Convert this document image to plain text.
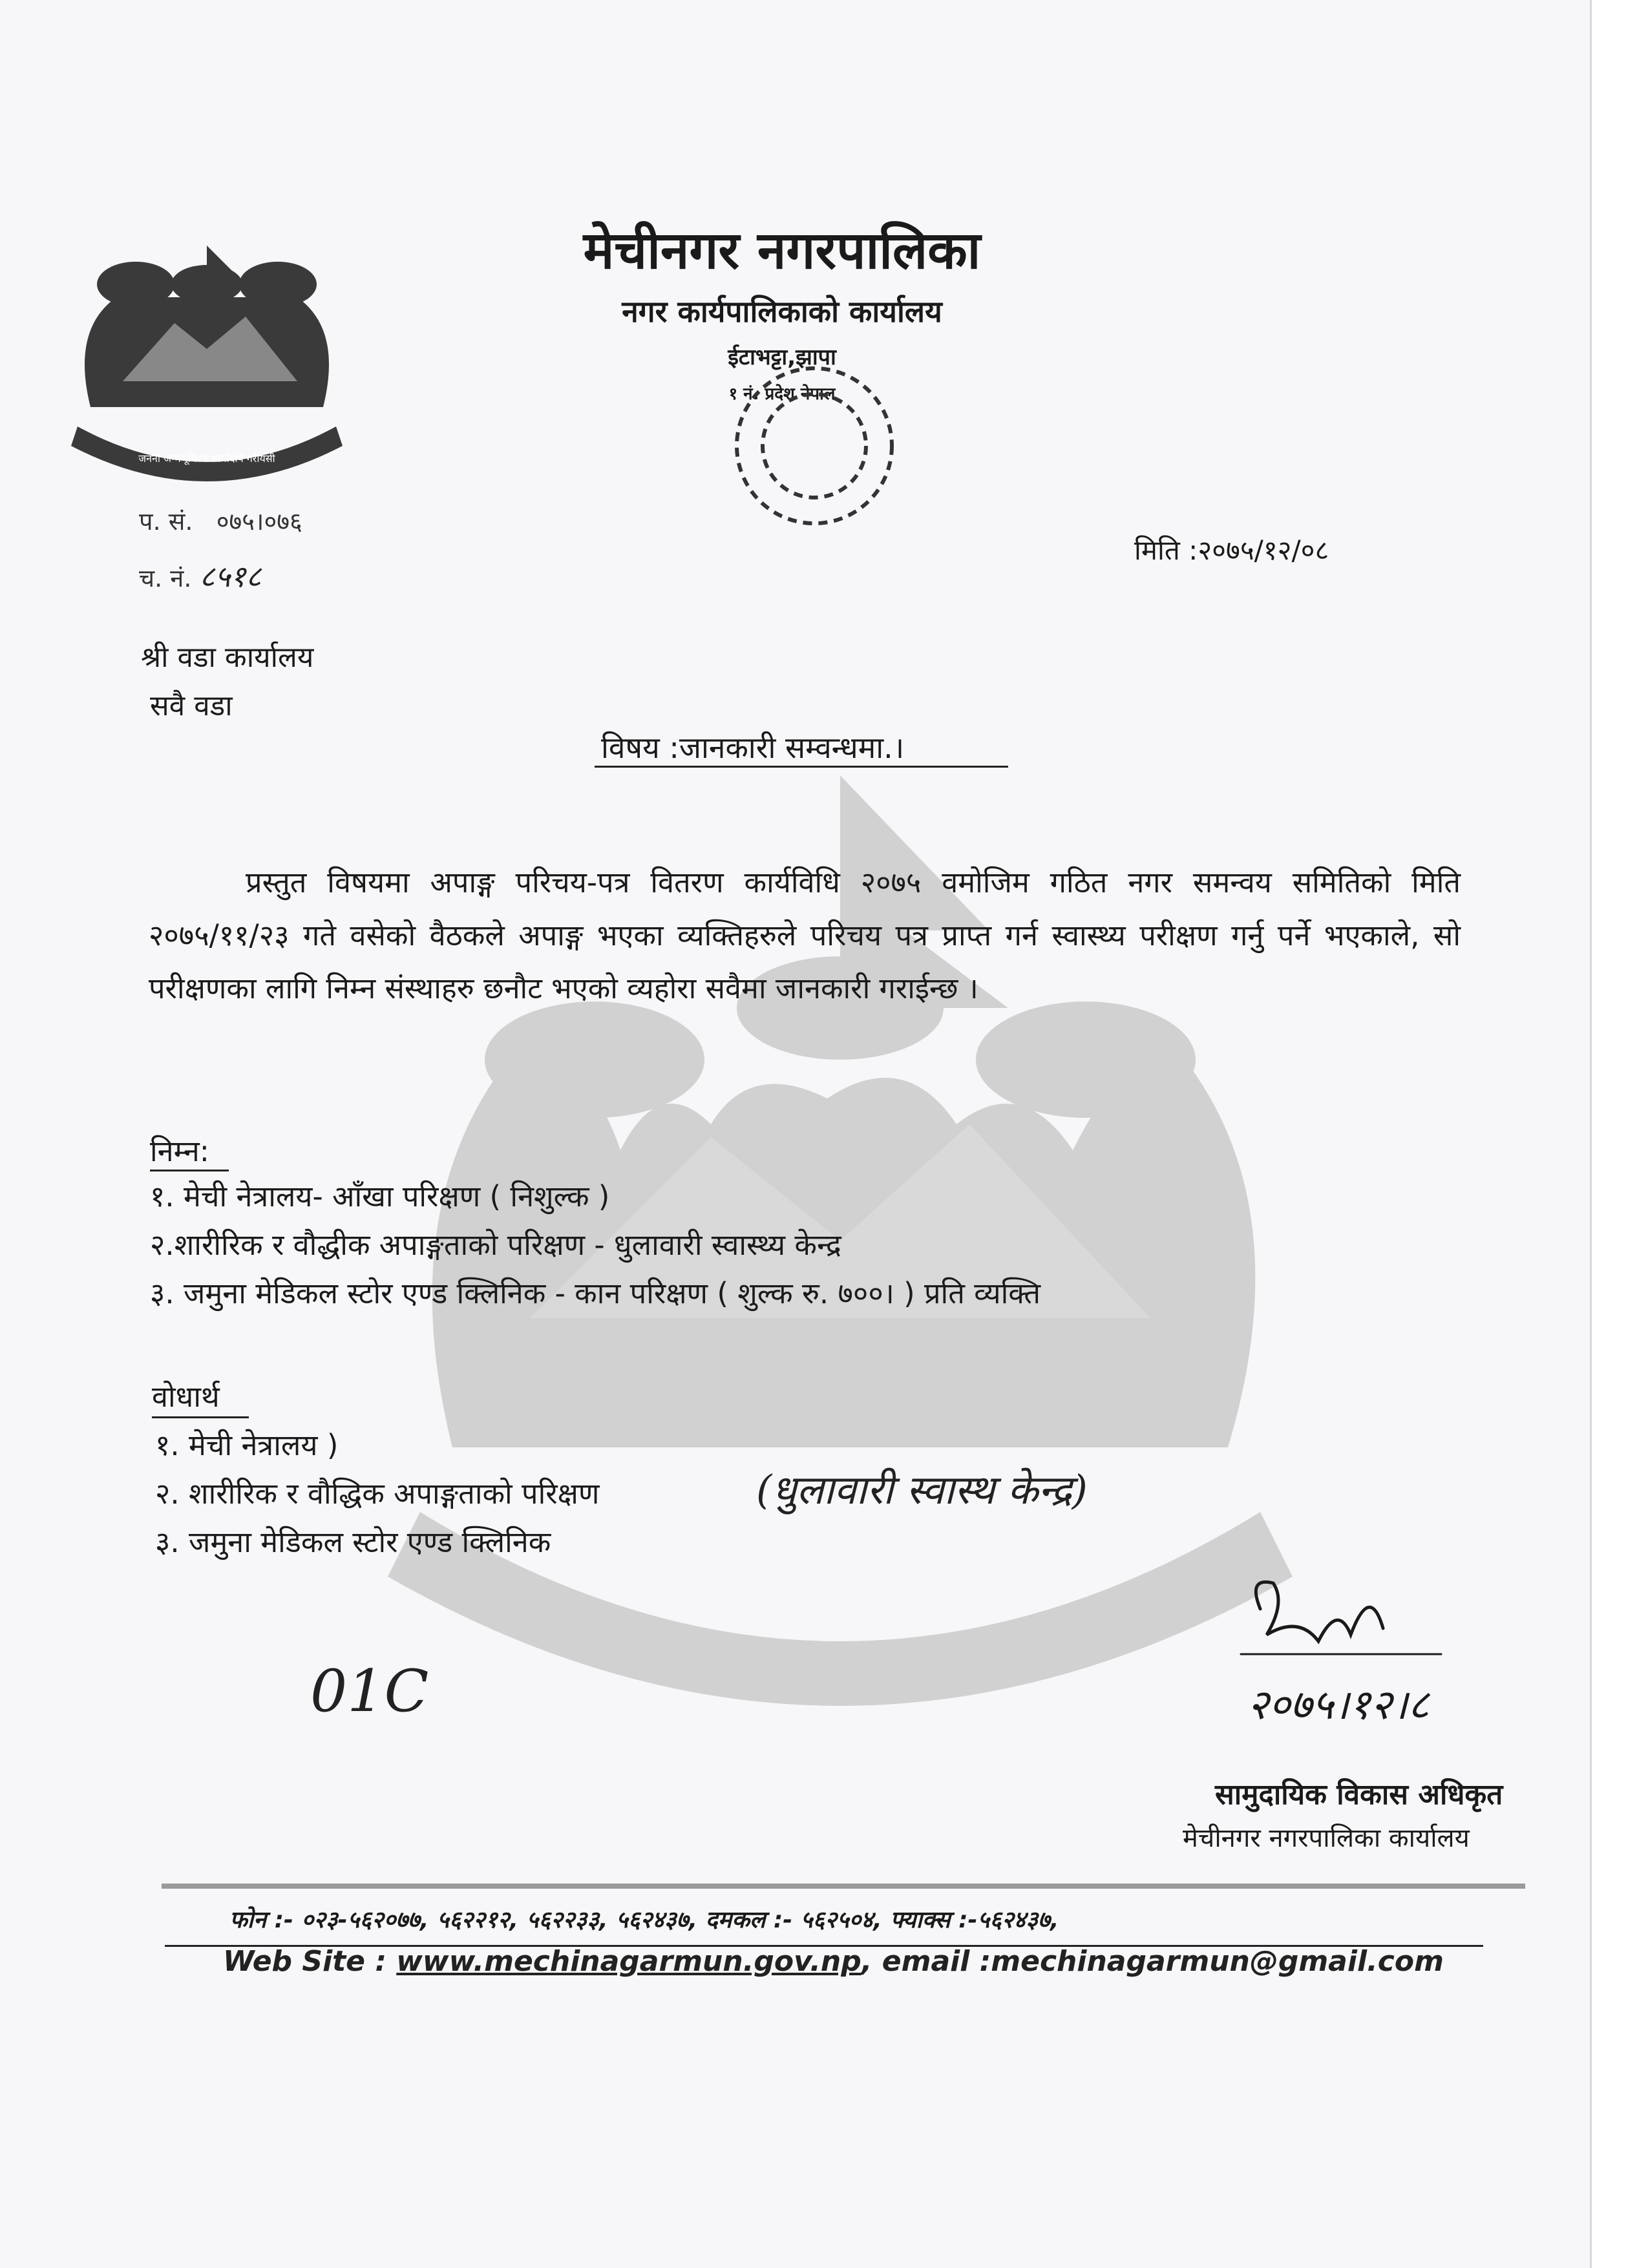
जननी जन्मभूमिश्च स्वर्गादपि गरीयसी
मेचीनगर नगरपालिका
नगर कार्यपालिकाको कार्यालय
ईटाभट्टा,झापा
१ नं. प्रदेश नेपाल
प. सं. ०७५।०७६
च. नं. ८५१८
मिति :२०७५/१२/०८
श्री वडा कार्यालय
सवै वडा
विषय :जानकारी सम्वन्धमा.।
प्रस्तुत विषयमा अपाङ्ग परिचय-पत्र वितरण कार्यविधि २०७५ वमोजिम गठित नगर समन्वय समितिको मिति २०७५/११/२३ गते वसेको वैठकले अपाङ्ग भएका व्यक्तिहरुले परिचय पत्र प्राप्त गर्न स्वास्थ्य परीक्षण गर्नु पर्ने भएकाले, सो परीक्षणका लागि निम्न संस्थाहरु छनौट भएको व्यहोरा सवैमा जानकारी गराईन्छ ।
निम्न:
१. मेची नेत्रालय- आँखा परिक्षण ( निशुल्क )
२.शारीरिक र वौद्धीक अपाङ्गताको परिक्षण - धुलावारी स्वास्थ्य केन्द्र
३. जमुना मेडिकल स्टोर एण्ड क्लिनिक - कान परिक्षण ( शुल्क रु. ७००। ) प्रति व्यक्ति
वोधार्थ
१. मेची नेत्रालय )
२. शारीरिक र वौद्धिक अपाङ्गताको परिक्षण
३. जमुना मेडिकल स्टोर एण्ड क्लिनिक
(धुलावारी स्वास्थ केन्द्र)
01C	२०७५।१२।८
सामुदायिक विकास अधिकृत
मेचीनगर नगरपालिका कार्यालय
फोन :- ०२३-५६२०७७, ५६२२१२, ५६२२३३, ५६२४३७, दमकल :- ५६२५०४, फ्याक्स :-५६२४३७,
Web Site : www.mechinagarmun.gov.np, email :mechinagarmun@gmail.com
